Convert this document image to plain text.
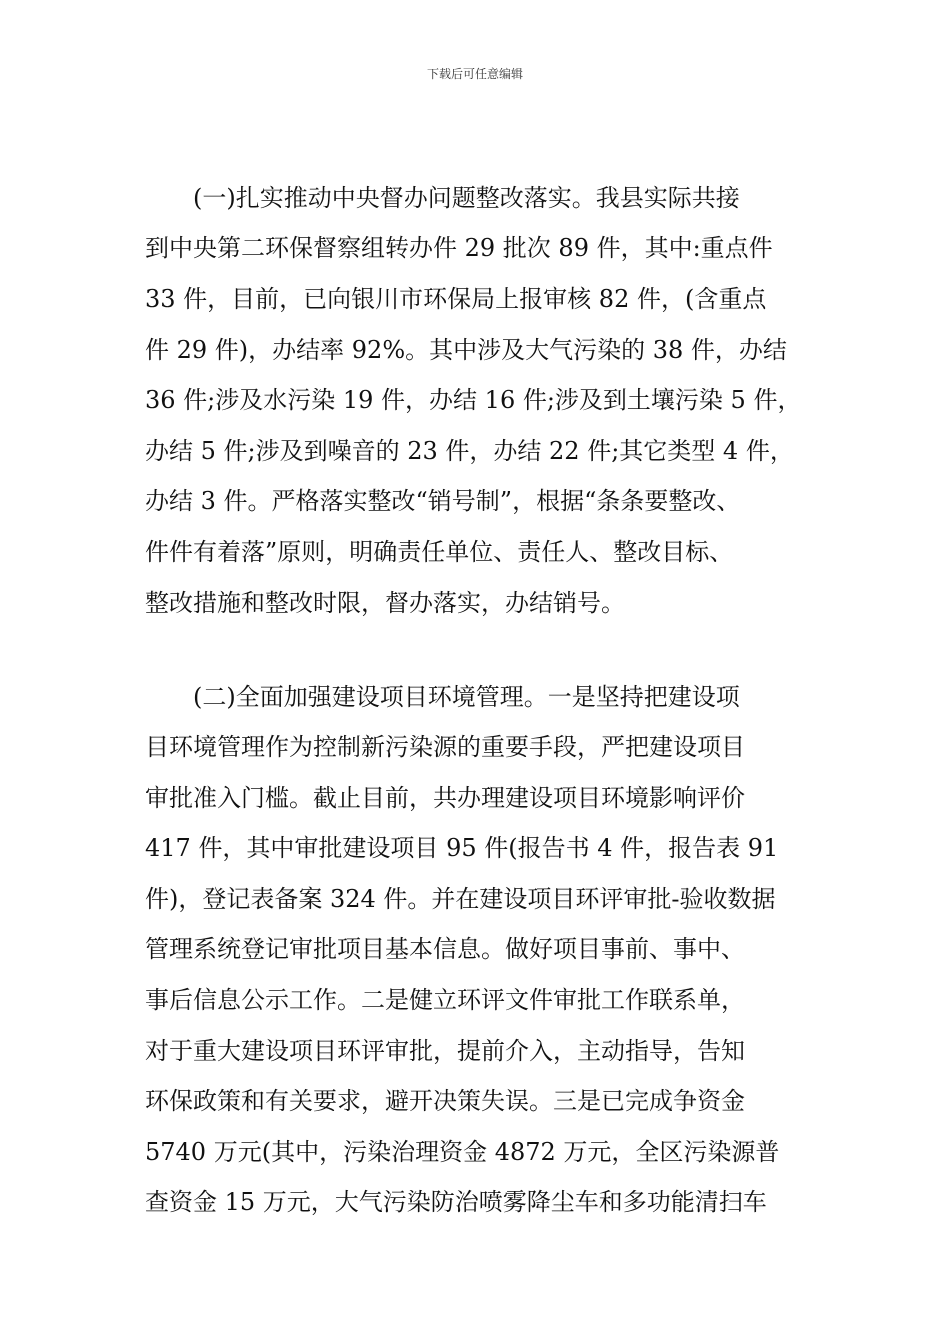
下载后可任意编辑
(一)扎实推动中央督办问题整改落实。我县实际共接
到中央第二环保督察组转办件 29 批次 89 件，其中:重点件
33 件，目前，已向银川市环保局上报审核 82 件，(含重点
件 29 件)，办结率 92%。其中涉及大气污染的 38 件，办结
36 件;涉及水污染 19 件，办结 16 件;涉及到土壤污染 5 件，
办结 5 件;涉及到噪音的 23 件，办结 22 件;其它类型 4 件，
办结 3 件。严格落实整改“销号制”，根据“条条要整改、
件件有着落”原则，明确责任单位、责任人、整改目标、
整改措施和整改时限，督办落实，办结销号。
(二)全面加强建设项目环境管理。一是坚持把建设项
目环境管理作为控制新污染源的重要手段，严把建设项目
审批准入门槛。截止目前，共办理建设项目环境影响评价
417 件，其中审批建设项目 95 件(报告书 4 件，报告表 91
件)，登记表备案 324 件。并在建设项目环评审批-验收数据
管理系统登记审批项目基本信息。做好项目事前、事中、
事后信息公示工作。二是健立环评文件审批工作联系单，
对于重大建设项目环评审批，提前介入，主动指导，告知
环保政策和有关要求，避开决策失误。三是已完成争资金
5740 万元(其中，污染治理资金 4872 万元，全区污染源普
查资金 15 万元，大气污染防治喷雾降尘车和多功能清扫车
